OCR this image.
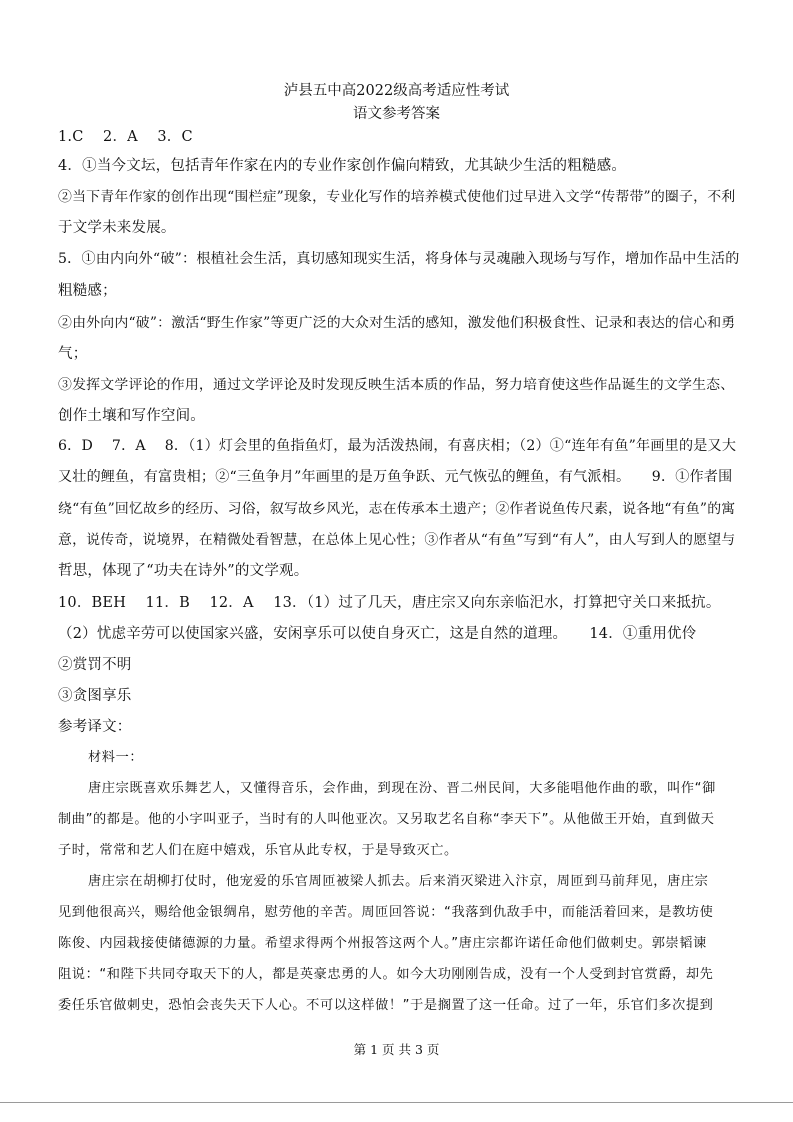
泸县五中高2022级高考适应性考试
语文参考答案
1.C　 2．A　 3．C
4．①当今文坛，包括青年作家在内的专业作家创作偏向精致，尤其缺少生活的粗糙感。
②当下青年作家的创作出现“围栏症”现象，专业化写作的培养模式使他们过早进入文学“传帮带”的圈子，不利
于文学未来发展。
5．①由内向外“破”：根植社会生活，真切感知现实生活，将身体与灵魂融入现场与写作，增加作品中生活的
粗糙感；
②由外向内“破”：激活“野生作家”等更广泛的大众对生活的感知，激发他们积极食性、记录和表达的信心和勇
气；
③发挥文学评论的作用，通过文学评论及时发现反映生活本质的作品，努力培育使这些作品诞生的文学生态、
创作土壤和写作空间。
6．D　 7．A　 8．（1）灯会里的鱼指鱼灯，最为活泼热闹，有喜庆相；（2）①“连年有鱼”年画里的是又大
又壮的鲤鱼，有富贵相；②“三鱼争月”年画里的是万鱼争跃、元气恢弘的鲤鱼，有气派相。　　9．①作者围
绕“有鱼”回忆故乡的经历、习俗，叙写故乡风光，志在传承本土遗产；②作者说鱼传尺素，说各地“有鱼”的寓
意，说传奇，说境界，在精微处看智慧，在总体上见心性；③作者从“有鱼”写到“有人”，由人写到人的愿望与
哲思，体现了“功夫在诗外”的文学观。
10．BEH　 11．B　 12．A　 13．（1）过了几天，唐庄宗又向东亲临汜水，打算把守关口来抵抗。
（2）忧虑辛劳可以使国家兴盛，安闲享乐可以使自身灭亡，这是自然的道理。　　14．①重用优伶
②赏罚不明
③贪图享乐
参考译文：
材料一：
唐庄宗既喜欢乐舞艺人，又懂得音乐，会作曲，到现在汾、晋二州民间，大多能唱他作曲的歌，叫作“御
制曲”的都是。他的小字叫亚子，当时有的人叫他亚次。又另取艺名自称“李天下”。从他做王开始，直到做天
子时，常常和艺人们在庭中嬉戏，乐官从此专权，于是导致灭亡。
唐庄宗在胡柳打仗时，他宠爱的乐官周匝被梁人抓去。后来消灭梁进入汴京，周匝到马前拜见，唐庄宗
见到他很高兴，赐给他金银绸帛，慰劳他的辛苦。周匝回答说：“我落到仇敌手中，而能活着回来，是教坊使
陈俊、内园栽接使储德源的力量。希望求得两个州报答这两个人。”唐庄宗都许诺任命他们做刺史。郭崇韬谏
阻说：“和陛下共同夺取天下的人，都是英豪忠勇的人。如今大功刚刚告成，没有一个人受到封官赏爵，却先
委任乐官做刺史，恐怕会丧失天下人心。不可以这样做！”于是搁置了这一任命。过了一年，乐官们多次提到
第 1 页 共 3 页
